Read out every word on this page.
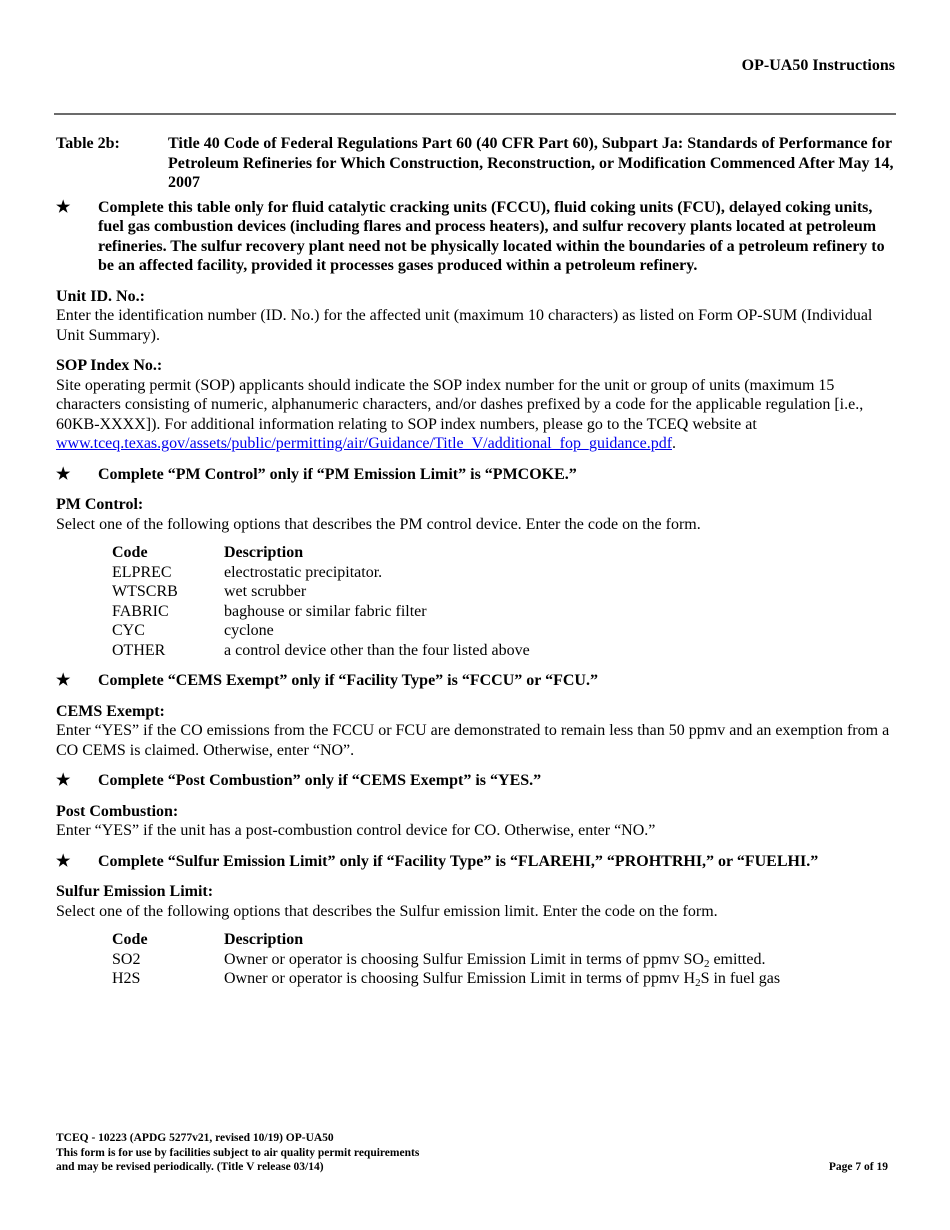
OP-UA50 Instructions
Table 2b:	Title 40 Code of Federal Regulations Part 60 (40 CFR Part 60), Subpart Ja: Standards of Performance for Petroleum Refineries for Which Construction, Reconstruction, or Modification Commenced After May 14, 2007
★	Complete this table only for fluid catalytic cracking units (FCCU), fluid coking units (FCU), delayed coking units, fuel gas combustion devices (including flares and process heaters), and sulfur recovery plants located at petroleum refineries. The sulfur recovery plant need not be physically located within the boundaries of a petroleum refinery to be an affected facility, provided it processes gases produced within a petroleum refinery.
Unit ID. No.:
Enter the identification number (ID. No.) for the affected unit (maximum 10 characters) as listed on Form OP-SUM (Individual Unit Summary).
SOP Index No.:
Site operating permit (SOP) applicants should indicate the SOP index number for the unit or group of units (maximum 15 characters consisting of numeric, alphanumeric characters, and/or dashes prefixed by a code for the applicable regulation [i.e., 60KB-XXXX]). For additional information relating to SOP index numbers, please go to the TCEQ website at www.tceq.texas.gov/assets/public/permitting/air/Guidance/Title_V/additional_fop_guidance.pdf.
★	Complete “PM Control” only if “PM Emission Limit” is “PMCOKE.”
PM Control:
Select one of the following options that describes the PM control device. Enter the code on the form.
Code	Description
ELPREC	electrostatic precipitator.
WTSCRB	wet scrubber
FABRIC	baghouse or similar fabric filter
CYC	cyclone
OTHER	a control device other than the four listed above
★	Complete “CEMS Exempt” only if “Facility Type” is “FCCU” or “FCU.”
CEMS Exempt:
Enter “YES” if the CO emissions from the FCCU or FCU are demonstrated to remain less than 50 ppmv and an exemption from a CO CEMS is claimed. Otherwise, enter “NO”.
★	Complete “Post Combustion” only if “CEMS Exempt” is “YES.”
Post Combustion:
Enter “YES” if the unit has a post-combustion control device for CO. Otherwise, enter “NO.”
★	Complete “Sulfur Emission Limit” only if “Facility Type” is “FLAREHI,” “PROHTRHI,” or “FUELHI.”
Sulfur Emission Limit:
Select one of the following options that describes the Sulfur emission limit. Enter the code on the form.
Code	Description
SO2	Owner or operator is choosing Sulfur Emission Limit in terms of ppmv $SO_2$ emitted.
H2S	Owner or operator is choosing Sulfur Emission Limit in terms of ppmv $H_2S$ in fuel gas
TCEQ - 10223 (APDG 5277v21, revised 10/19) OP-UA50
This form is for use by facilities subject to air quality permit requirements
and may be revised periodically. (Title V release 03/14)	Page 7 of 19
